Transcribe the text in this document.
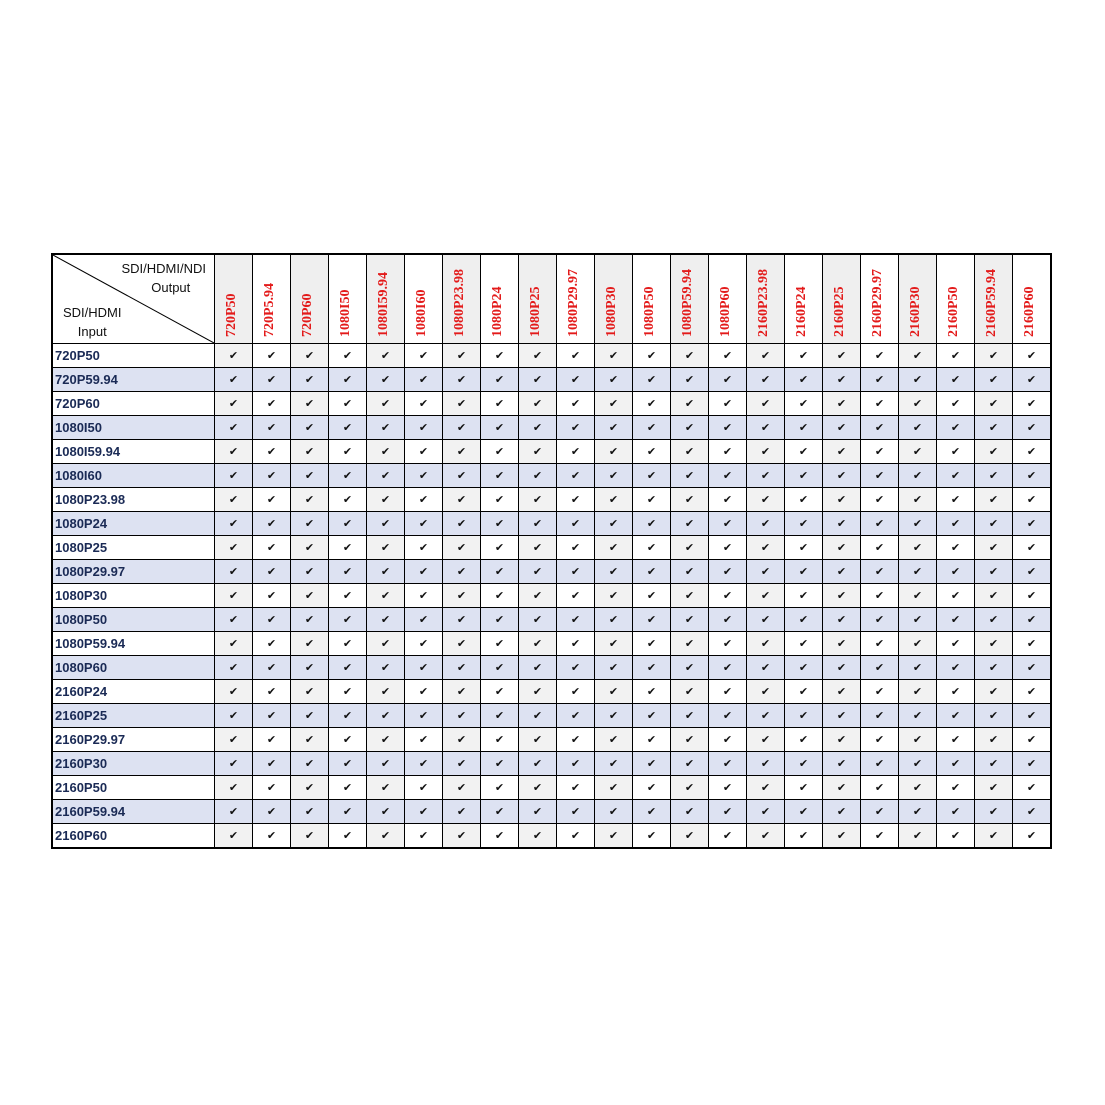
SDI/HDMI/NDI
Output
SDI/HDMI
Input	720P50	720P5.94	720P60	1080I50	1080I59.94	1080I60	1080P23.98	1080P24	1080P25	1080P29.97	1080P30	1080P50	1080P59.94	1080P60	2160P23.98	2160P24	2160P25	2160P29.97	2160P30	2160P50	2160P59.94	2160P60

720P50	✔	✔	✔	✔	✔	✔	✔	✔	✔	✔	✔	✔	✔	✔	✔	✔	✔	✔	✔	✔	✔	✔
720P59.94	✔	✔	✔	✔	✔	✔	✔	✔	✔	✔	✔	✔	✔	✔	✔	✔	✔	✔	✔	✔	✔	✔
720P60	✔	✔	✔	✔	✔	✔	✔	✔	✔	✔	✔	✔	✔	✔	✔	✔	✔	✔	✔	✔	✔	✔
1080I50	✔	✔	✔	✔	✔	✔	✔	✔	✔	✔	✔	✔	✔	✔	✔	✔	✔	✔	✔	✔	✔	✔
1080I59.94	✔	✔	✔	✔	✔	✔	✔	✔	✔	✔	✔	✔	✔	✔	✔	✔	✔	✔	✔	✔	✔	✔
1080I60	✔	✔	✔	✔	✔	✔	✔	✔	✔	✔	✔	✔	✔	✔	✔	✔	✔	✔	✔	✔	✔	✔
1080P23.98	✔	✔	✔	✔	✔	✔	✔	✔	✔	✔	✔	✔	✔	✔	✔	✔	✔	✔	✔	✔	✔	✔
1080P24	✔	✔	✔	✔	✔	✔	✔	✔	✔	✔	✔	✔	✔	✔	✔	✔	✔	✔	✔	✔	✔	✔
1080P25	✔	✔	✔	✔	✔	✔	✔	✔	✔	✔	✔	✔	✔	✔	✔	✔	✔	✔	✔	✔	✔	✔
1080P29.97	✔	✔	✔	✔	✔	✔	✔	✔	✔	✔	✔	✔	✔	✔	✔	✔	✔	✔	✔	✔	✔	✔
1080P30	✔	✔	✔	✔	✔	✔	✔	✔	✔	✔	✔	✔	✔	✔	✔	✔	✔	✔	✔	✔	✔	✔
1080P50	✔	✔	✔	✔	✔	✔	✔	✔	✔	✔	✔	✔	✔	✔	✔	✔	✔	✔	✔	✔	✔	✔
1080P59.94	✔	✔	✔	✔	✔	✔	✔	✔	✔	✔	✔	✔	✔	✔	✔	✔	✔	✔	✔	✔	✔	✔
1080P60	✔	✔	✔	✔	✔	✔	✔	✔	✔	✔	✔	✔	✔	✔	✔	✔	✔	✔	✔	✔	✔	✔
2160P24	✔	✔	✔	✔	✔	✔	✔	✔	✔	✔	✔	✔	✔	✔	✔	✔	✔	✔	✔	✔	✔	✔
2160P25	✔	✔	✔	✔	✔	✔	✔	✔	✔	✔	✔	✔	✔	✔	✔	✔	✔	✔	✔	✔	✔	✔
2160P29.97	✔	✔	✔	✔	✔	✔	✔	✔	✔	✔	✔	✔	✔	✔	✔	✔	✔	✔	✔	✔	✔	✔
2160P30	✔	✔	✔	✔	✔	✔	✔	✔	✔	✔	✔	✔	✔	✔	✔	✔	✔	✔	✔	✔	✔	✔
2160P50	✔	✔	✔	✔	✔	✔	✔	✔	✔	✔	✔	✔	✔	✔	✔	✔	✔	✔	✔	✔	✔	✔
2160P59.94	✔	✔	✔	✔	✔	✔	✔	✔	✔	✔	✔	✔	✔	✔	✔	✔	✔	✔	✔	✔	✔	✔
2160P60	✔	✔	✔	✔	✔	✔	✔	✔	✔	✔	✔	✔	✔	✔	✔	✔	✔	✔	✔	✔	✔	✔
